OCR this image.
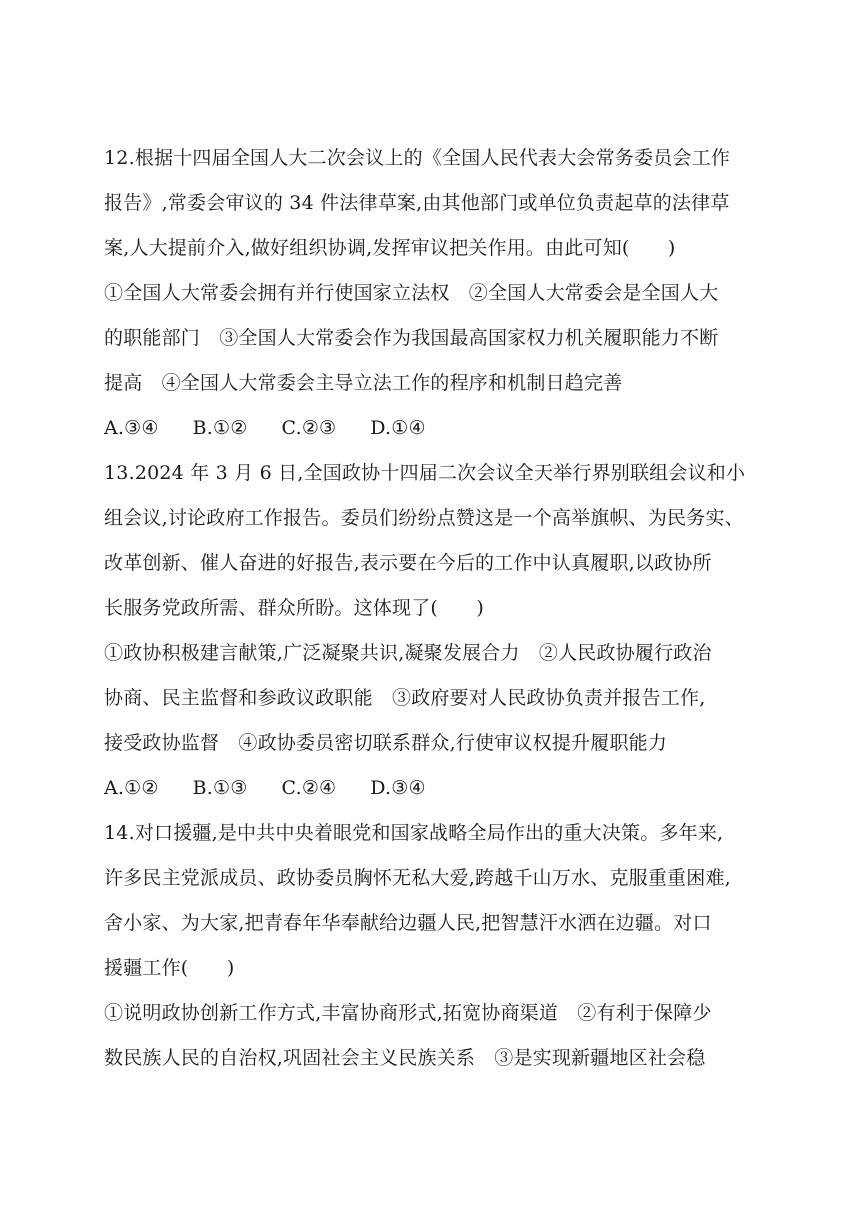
12.根据十四届全国人大二次会议上的《全国人民代表大会常务委员会工作
报告》,常委会审议的 34 件法律草案,由其他部门或单位负责起草的法律草
案,人大提前介入,做好组织协调,发挥审议把关作用。由此可知(　　)
①全国人大常委会拥有并行使国家立法权　②全国人大常委会是全国人大
的职能部门　③全国人大常委会作为我国最高国家权力机关履职能力不断
提高　④全国人大常委会主导立法工作的程序和机制日趋完善
A.③④ B.①② C.②③ D.①④
13.2024 年 3 月 6 日,全国政协十四届二次会议全天举行界别联组会议和小
组会议,讨论政府工作报告。委员们纷纷点赞这是一个高举旗帜、为民务实、
改革创新、催人奋进的好报告,表示要在今后的工作中认真履职,以政协所
长服务党政所需、群众所盼。这体现了(　　)
①政协积极建言献策,广泛凝聚共识,凝聚发展合力　②人民政协履行政治
协商、民主监督和参政议政职能　③政府要对人民政协负责并报告工作,
接受政协监督　④政协委员密切联系群众,行使审议权提升履职能力
A.①② B.①③ C.②④ D.③④
14.对口援疆,是中共中央着眼党和国家战略全局作出的重大决策。多年来,
许多民主党派成员、政协委员胸怀无私大爱,跨越千山万水、克服重重困难,
舍小家、为大家,把青春年华奉献给边疆人民,把智慧汗水洒在边疆。对口
援疆工作(　　)
①说明政协创新工作方式,丰富协商形式,拓宽协商渠道　②有利于保障少
数民族人民的自治权,巩固社会主义民族关系　③是实现新疆地区社会稳
